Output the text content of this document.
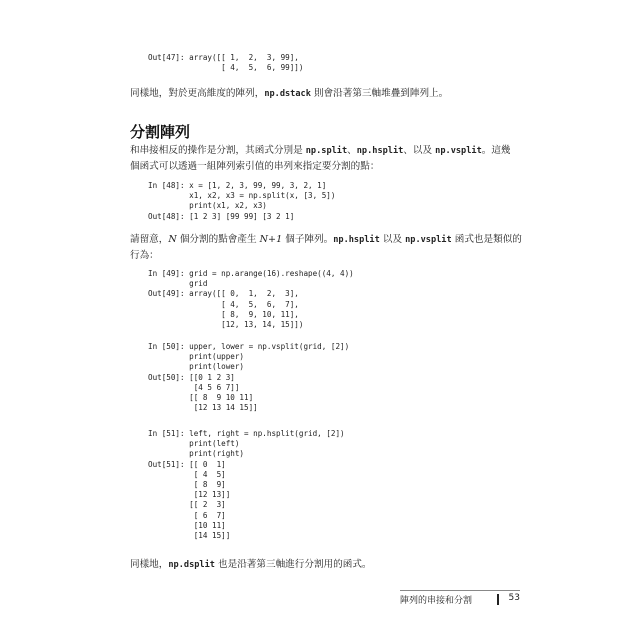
Out[47]: array([[ 1,  2,  3, 99],
[ 4,  5,  6, 99]])

同樣地，對於更高維度的陣列，np.dstack 則會沿著第三軸堆疊到陣列上。

分割陣列

和串接相反的操作是分割，其函式分別是 np.split、np.hsplit、以及 np.vsplit。這幾

個函式可以透過一組陣列索引值的串列來指定要分割的點：

In [48]: x = [1, 2, 3, 99, 99, 3, 2, 1]
x1, x2, x3 = np.split(x, [3, 5])
print(x1, x2, x3)
Out[48]: [1 2 3] [99 99] [3 2 1]

請留意，N 個分割的點會產生 N+1 個子陣列。np.hsplit 以及 np.vsplit 函式也是類似的

行為：

In [49]: grid = np.arange(16).reshape((4, 4))
grid
Out[49]: array([[ 0,  1,  2,  3],
[ 4,  5,  6,  7],
[ 8,  9, 10, 11],
[12, 13, 14, 15]])
In [50]: upper, lower = np.vsplit(grid, [2])
print(upper)
print(lower)
Out[50]: [[0 1 2 3]
[4 5 6 7]]
[[ 8  9 10 11]
[12 13 14 15]]
In [51]: left, right = np.hsplit(grid, [2])
print(left)
print(right)
Out[51]: [[ 0  1]
[ 4  5]
[ 8  9]
[12 13]]
[[ 2  3]
[ 6  7]
[10 11]
[14 15]]

同樣地，np.dsplit 也是沿著第三軸進行分割用的函式。

陣列的串接和分割	53
